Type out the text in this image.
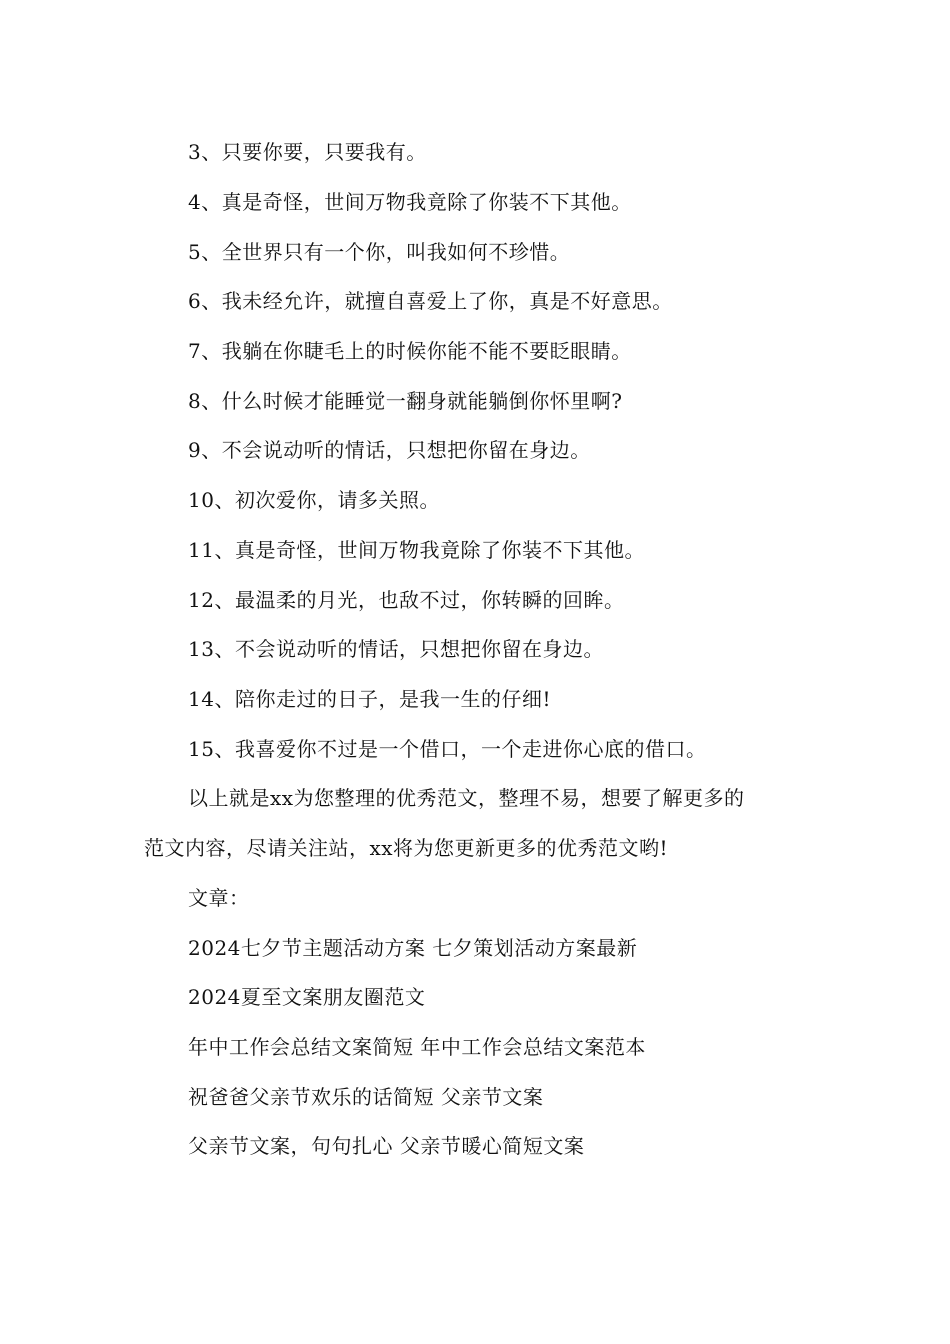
3、只要你要，只要我有。
4、真是奇怪，世间万物我竟除了你装不下其他。
5、全世界只有一个你，叫我如何不珍惜。
6、我未经允许，就擅自喜爱上了你，真是不好意思。
7、我躺在你睫毛上的时候你能不能不要眨眼睛。
8、什么时候才能睡觉一翻身就能躺倒你怀里啊?
9、不会说动听的情话，只想把你留在身边。
10、初次爱你，请多关照。
11、真是奇怪，世间万物我竟除了你装不下其他。
12、最温柔的月光，也敌不过，你转瞬的回眸。
13、不会说动听的情话，只想把你留在身边。
14、陪你走过的日子，是我一生的仔细!
15、我喜爱你不过是一个借口，一个走进你心底的借口。
以上就是xx为您整理的优秀范文，整理不易，想要了解更多的
范文内容，尽请关注站，xx将为您更新更多的优秀范文哟!
文章：
2024七夕节主题活动方案 七夕策划活动方案最新
2024夏至文案朋友圈范文
年中工作会总结文案简短 年中工作会总结文案范本
祝爸爸父亲节欢乐的话简短 父亲节文案
父亲节文案，句句扎心 父亲节暖心简短文案
